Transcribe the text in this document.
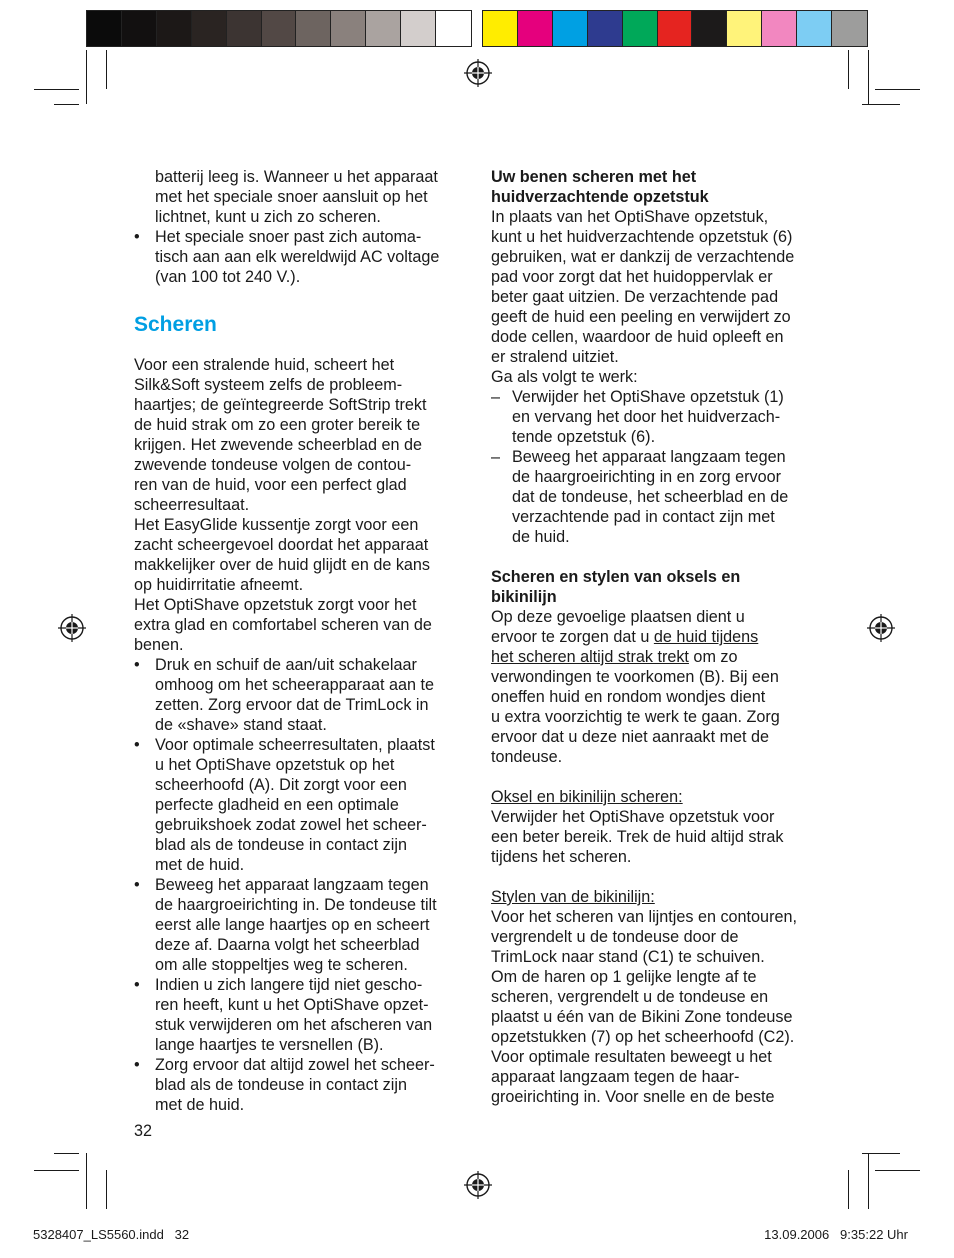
batterij leeg is. Wanneer u het apparaat

met het speciale snoer aansluit op het

lichtnet, kunt u zich zo scheren.

• Het speciale snoer past zich automa-
tisch aan aan elk wereldwijd AC voltage
(van 100 tot 240 V.).
Scheren

Voor een stralende huid, scheert het

Silk&Soft systeem zelfs de probleem-

haartjes; de geïntegreerde SoftStrip trekt

de huid strak om zo een groter bereik te

krijgen. Het zwevende scheerblad en de

zwevende tondeuse volgen de contou-

ren van de huid, voor een perfect glad

scheerresultaat.

Het EasyGlide kussentje zorgt voor een

zacht scheergevoel doordat het apparaat

makkelijker over de huid glijdt en de kans

op huidirritatie afneemt.

Het OptiShave opzetstuk zorgt voor het

extra glad en comfortabel scheren van de

benen.

• Druk en schuif de aan/uit schakelaar
omhoog om het scheerapparaat aan te
zetten. Zorg ervoor dat de TrimLock in
de «shave» stand staat.
• Voor optimale scheerresultaten, plaatst
u het OptiShave opzetstuk op het
scheerhoofd (A). Dit zorgt voor een
perfecte gladheid en een optimale
gebruikshoek zodat zowel het scheer-
blad als de tondeuse in contact zijn
met de huid.
• Beweeg het apparaat langzaam tegen
de haargroeirichting in. De tondeuse tilt
eerst alle lange haartjes op en scheert
deze af. Daarna volgt het scheerblad
om alle stoppeltjes weg te scheren.
• Indien u zich langere tijd niet gescho-
ren heeft, kunt u het OptiShave opzet-
stuk verwijderen om het afscheren van
lange haartjes te versnellen (B).
• Zorg ervoor dat altijd zowel het scheer-
blad als de tondeuse in contact zijn
met de huid.

32

Uw benen scheren met het

huidverzachtende opzetstuk

In plaats van het OptiShave opzetstuk,

kunt u het huidverzachtende opzetstuk (6)

gebruiken, wat er dankzij de verzachtende

pad voor zorgt dat het huidoppervlak er

beter gaat uitzien. De verzachtende pad

geeft de huid een peeling en verwijdert zo

dode cellen, waardoor de huid opleeft en

er stralend uitziet.

Ga als volgt te werk:

– Verwijder het OptiShave opzetstuk (1)
en vervang het door het huidverzach-
tende opzetstuk (6).
– Beweeg het apparaat langzaam tegen
de haargroeirichting in en zorg ervoor
dat de tondeuse, het scheerblad en de
verzachtende pad in contact zijn met
de huid.

Scheren en stylen van oksels en

bikinilijn

Op deze gevoelige plaatsen dient u

ervoor te zorgen dat u de huid tijdens

het scheren altijd strak trekt om zo

verwondingen te voorkomen (B). Bij een

oneffen huid en rondom wondjes dient

u extra voorzichtig te werk te gaan. Zorg

ervoor dat u deze niet aanraakt met de

tondeuse.

Oksel en bikinilijn scheren:

Verwijder het OptiShave opzetstuk voor

een beter bereik. Trek de huid altijd strak

tijdens het scheren.

Stylen van de bikinilijn:

Voor het scheren van lijntjes en contouren,

vergrendelt u de tondeuse door de

TrimLock naar stand (C1) te schuiven.

Om de haren op 1 gelijke lengte af te

scheren, vergrendelt u de tondeuse en

plaatst u één van de Bikini Zone tondeuse

opzetstukken (7) op het scheerhoofd (C2).

Voor optimale resultaten beweegt u het

apparaat langzaam tegen de haar-

groeirichting in. Voor snelle en de beste

5328407_LS5560.indd   32	13.09.2006   9:35:22 Uhr
